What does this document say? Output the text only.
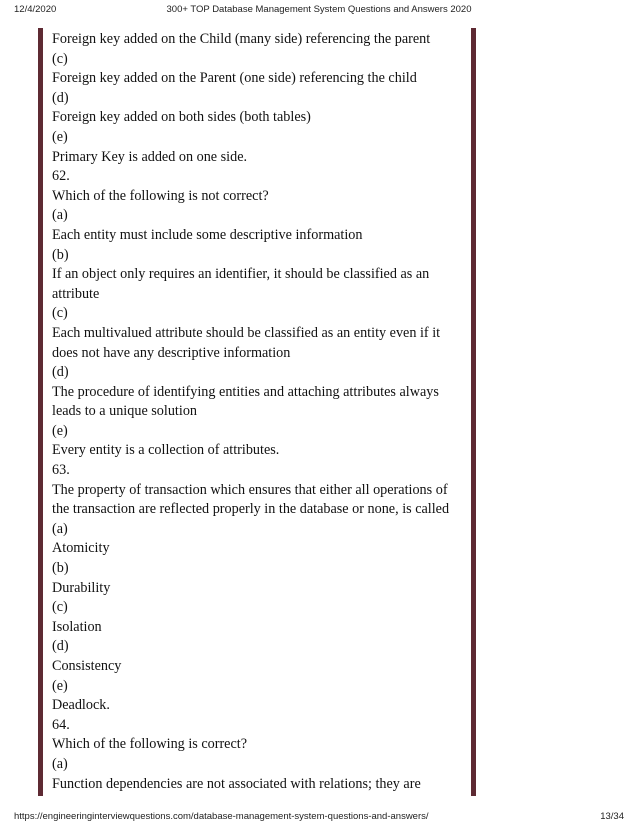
12/4/2020	300+ TOP Database Management System Questions and Answers 2020

Foreign key added on the Child (many side) referencing the parent

(c)

Foreign key added on the Parent (one side) referencing the child

(d)

Foreign key added on both sides (both tables)

(e)

Primary Key is added on one side.

62.

Which of the following is not correct?

(a)

Each entity must include some descriptive information

(b)

If an object only requires an identifier, it should be classified as an

attribute

(c)

Each multivalued attribute should be classified as an entity even if it

does not have any descriptive information

(d)

The procedure of identifying entities and attaching attributes always

leads to a unique solution

(e)

Every entity is a collection of attributes.

63.

The property of transaction which ensures that either all operations of

the transaction are reflected properly in the database or none, is called

(a)

Atomicity

(b)

Durability

(c)

Isolation

(d)

Consistency

(e)

Deadlock.

64.

Which of the following is correct?

(a)

Function dependencies are not associated with relations; they are

https://engineeringinterviewquestions.com/database-management-system-questions-and-answers/	13/34
